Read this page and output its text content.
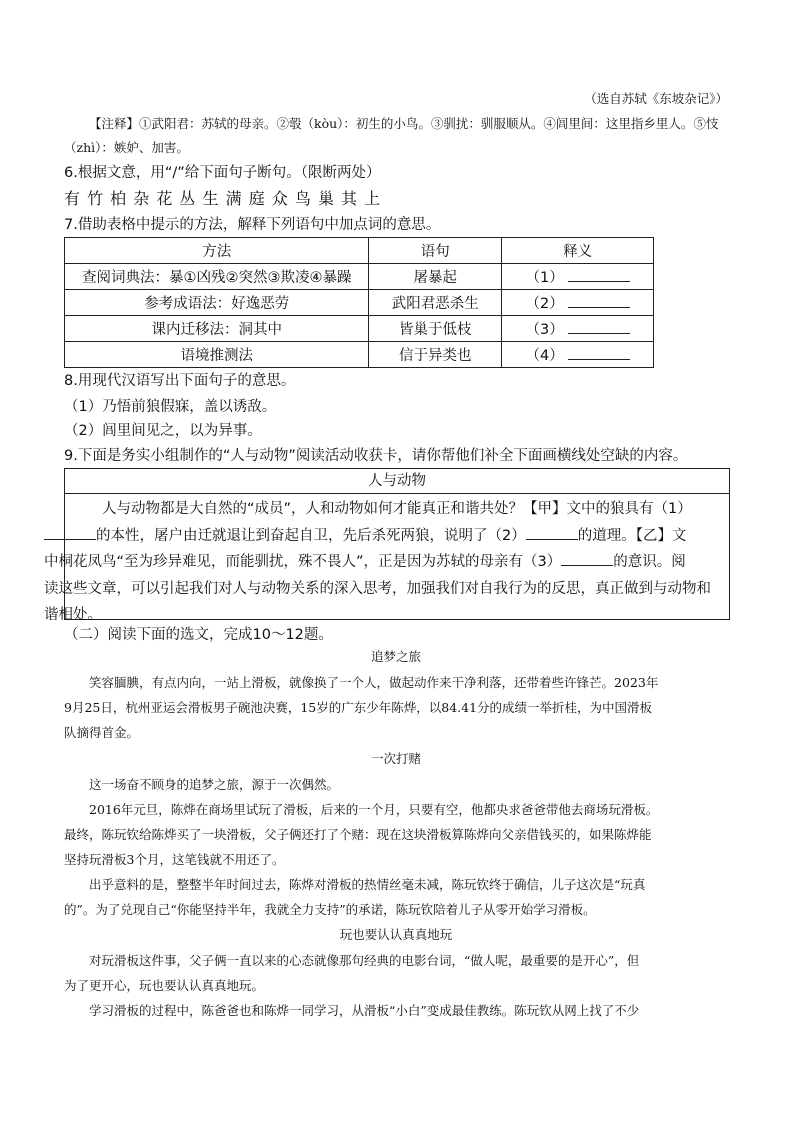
（选自苏轼《东坡杂记》）
【注释】①武阳君：苏轼的母亲。②彀（kòu）：初生的小鸟。③驯扰：驯服顺从。④闾里间：这里指乡里人。⑤忮（zhì）：嫉妒、加害。
6.根据文意，用“/”给下面句子断句。（限断两处）
有 竹 柏 杂 花 丛 生 满 庭 众 鸟 巢 其 上
7.借助表格中提示的方法，解释下列语句中加点词的意思。
方法	语句	释义
查阅词典法：暴①凶残②突然③欺凌④暴躁	屠暴起	（1）
参考成语法：好逸恶劳	武阳君恶杀生	（2）
课内迁移法：洞其中	皆巢于低枝	（3）
语境推测法	信于异类也	（4）
8.用现代汉语写出下面句子的意思。
（1）乃悟前狼假寐，盖以诱敌。
（2）闾里间见之，以为异事。
9.下面是务实小组制作的“人与动物”阅读活动收获卡，请你帮他们补全下面画横线处空缺的内容。
人与动物
人与动物都是大自然的“成员”，人和动物如何才能真正和谐共处？【甲】文中的狼具有（1）
的本性，屠户由迁就退让到奋起自卫，先后杀死两狼，说明了（2）	的道理。【乙】文
中桐花凤鸟“至为珍异难见，而能驯扰，殊不畏人”，正是因为苏轼的母亲有（3）	的意识。阅
读这些文章，可以引起我们对人与动物关系的深入思考，加强我们对自我行为的反思，真正做到与动物和
谐相处。
（二）阅读下面的选文，完成10～12题。
追梦之旅
笑容腼腆，有点内向，一站上滑板，就像换了一个人，做起动作来干净利落，还带着些许锋芒。2023年
9月25日，杭州亚运会滑板男子碗池决赛，15岁的广东少年陈烨，以84.41分的成绩一举折桂，为中国滑板
队摘得首金。
一次打赌
这一场奋不顾身的追梦之旅，源于一次偶然。
2016年元旦，陈烨在商场里试玩了滑板，后来的一个月，只要有空，他都央求爸爸带他去商场玩滑板。
最终，陈玩钦给陈烨买了一块滑板，父子俩还打了个赌：现在这块滑板算陈烨向父亲借钱买的，如果陈烨能
坚持玩滑板3个月，这笔钱就不用还了。
出乎意料的是，整整半年时间过去，陈烨对滑板的热情丝毫未减，陈玩钦终于确信，儿子这次是“玩真
的”。为了兑现自己“你能坚持半年，我就全力支持”的承诺，陈玩钦陪着儿子从零开始学习滑板。
玩也要认认真真地玩
对玩滑板这件事，父子俩一直以来的心态就像那句经典的电影台词，“做人呢，最重要的是开心”，但
为了更开心，玩也要认认真真地玩。
学习滑板的过程中，陈爸爸也和陈烨一同学习，从滑板“小白”变成最佳教练。陈玩钦从网上找了不少
